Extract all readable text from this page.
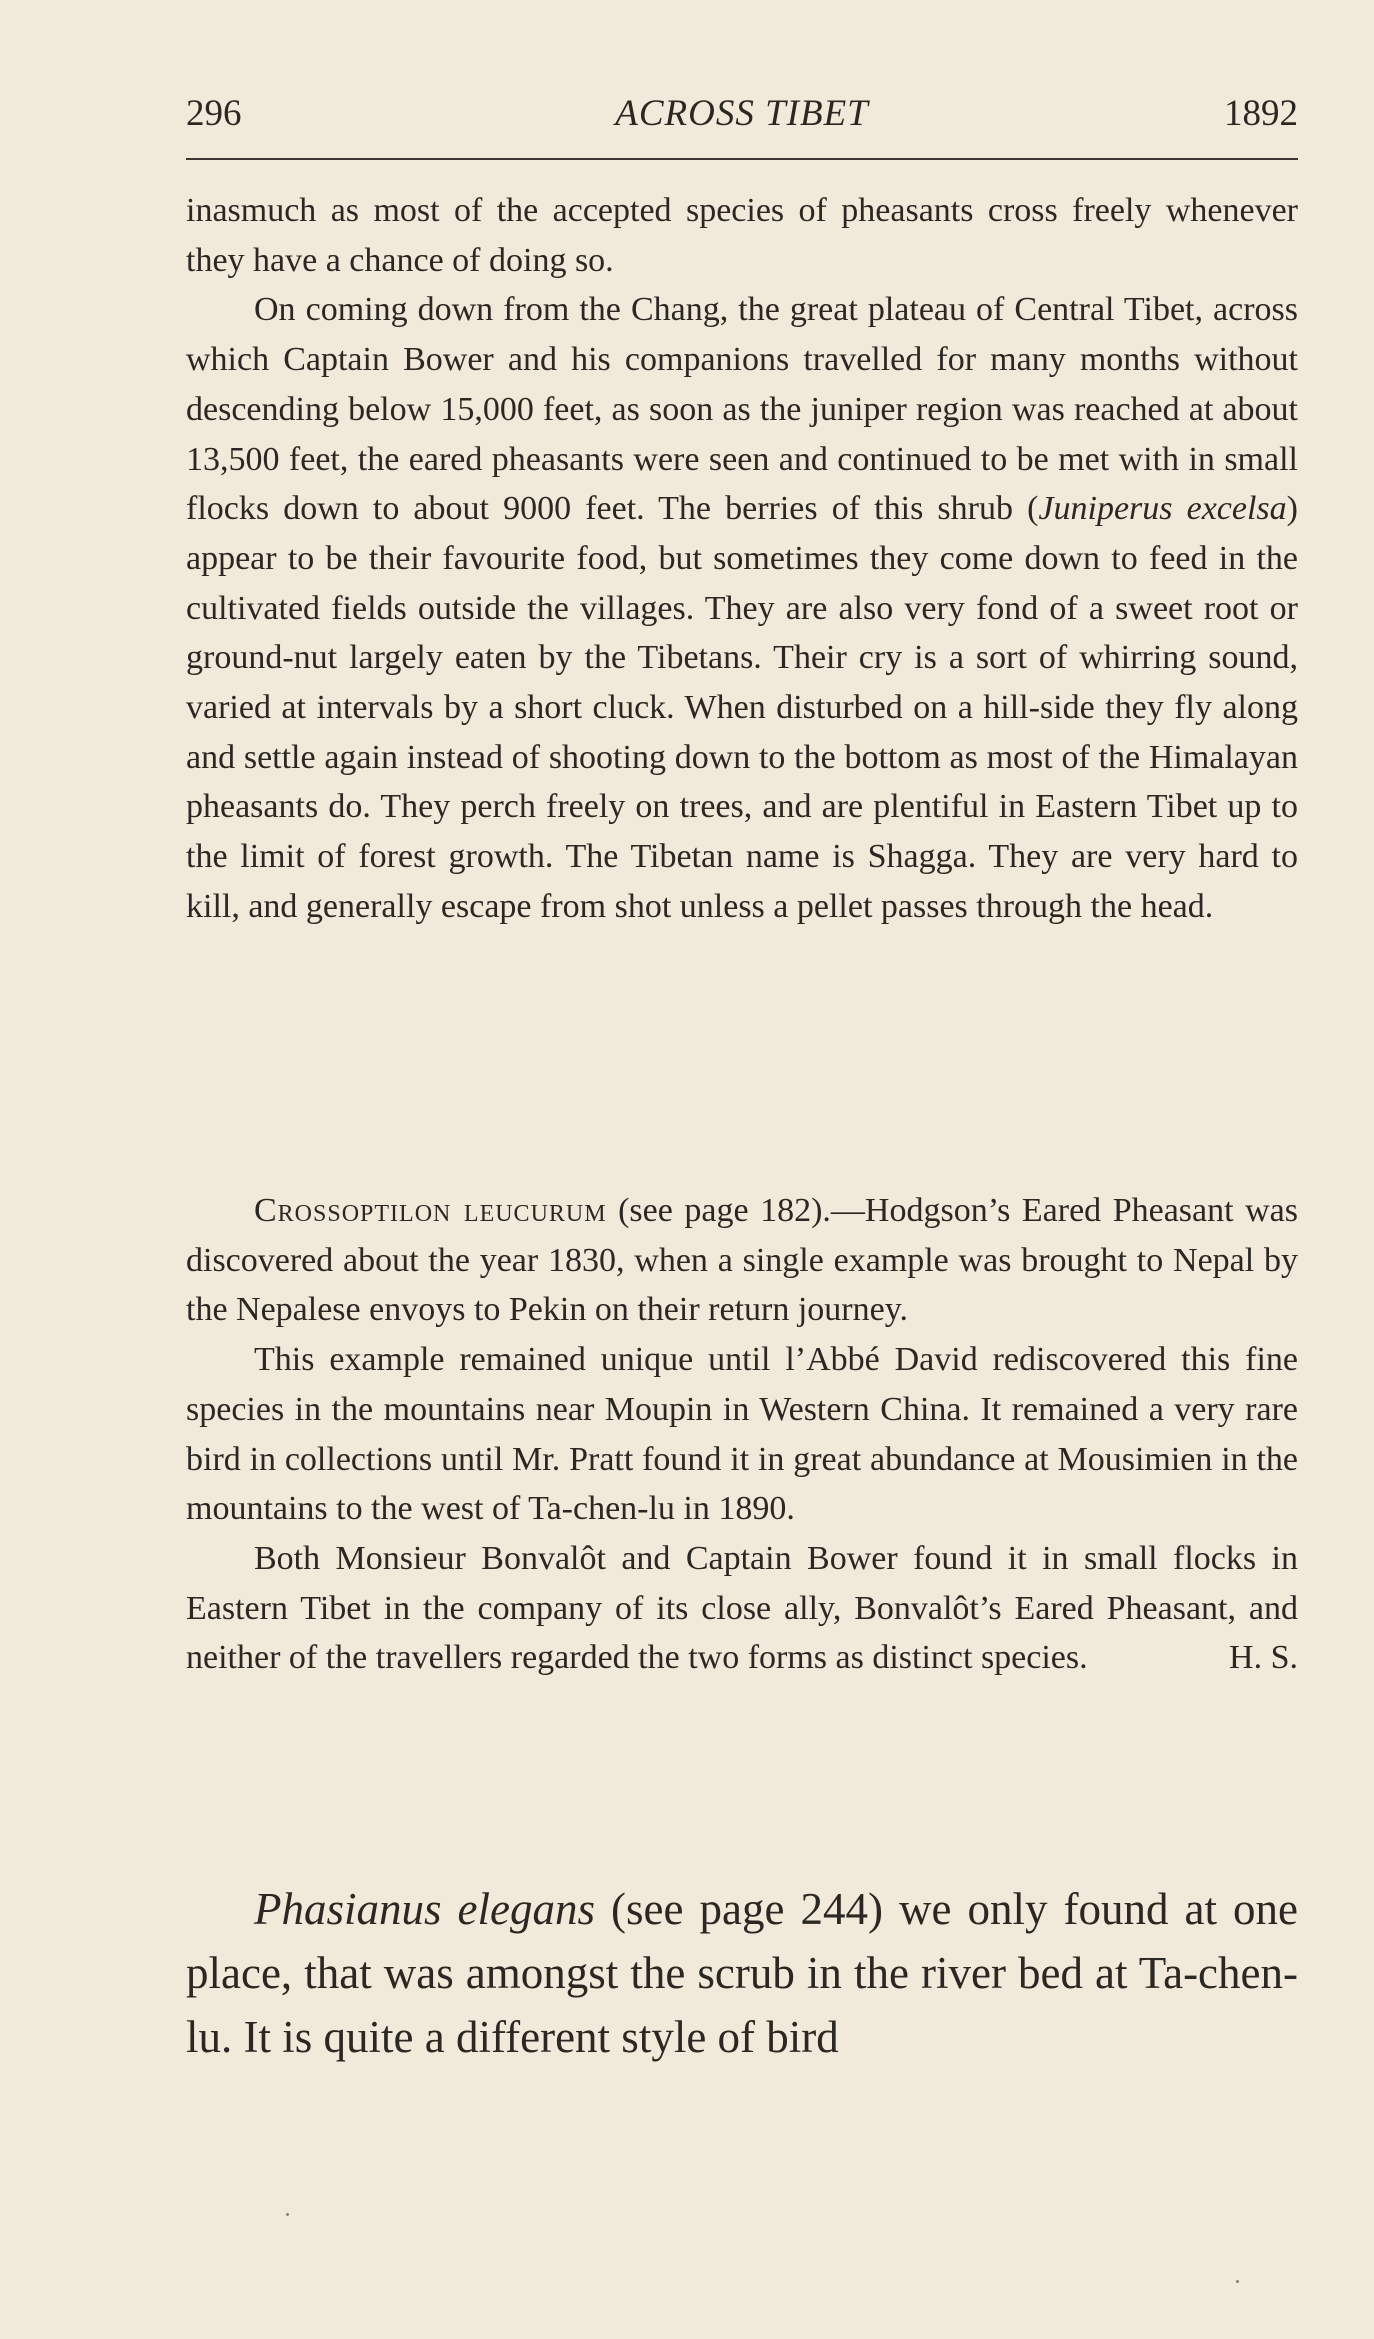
296	ACROSS TIBET	1892

inasmuch as most of the accepted species of pheasants cross freely whenever they have a chance of doing so.

On coming down from the Chang, the great plateau of Central Tibet, across which Captain Bower and his companions travelled for many months without descending below 15,000 feet, as soon as the juniper region was reached at about 13,500 feet, the eared pheasants were seen and continued to be met with in small flocks down to about 9000 feet. The berries of this shrub (Juniperus excelsa) appear to be their favourite food, but sometimes they come down to feed in the cultivated fields outside the villages. They are also very fond of a sweet root or ground-nut largely eaten by the Tibetans. Their cry is a sort of whirring sound, varied at intervals by a short cluck. When disturbed on a hill-side they fly along and settle again instead of shooting down to the bottom as most of the Himalayan pheasants do. They perch freely on trees, and are plentiful in Eastern Tibet up to the limit of forest growth. The Tibetan name is Shagga. They are very hard to kill, and generally escape from shot unless a pellet passes through the head.

Crossoptilon leucurum (see page 182).—Hodgson’s Eared Pheasant was discovered about the year 1830, when a single example was brought to Nepal by the Nepalese envoys to Pekin on their return journey.

This example remained unique until l’Abbé David rediscovered this fine species in the mountains near Moupin in Western China. It remained a very rare bird in collections until Mr. Pratt found it in great abundance at Mousimien in the mountains to the west of Ta-chen-lu in 1890.

Both Monsieur Bonvalôt and Captain Bower found it in small flocks in Eastern Tibet in the company of its close ally, Bonvalôt’s Eared Pheasant, and neither of the travellers regarded the two forms as distinct species.	H. S.

Phasianus elegans (see page 244) we only found at one place, that was amongst the scrub in the river bed at Ta-chen-lu. It is quite a different style of bird
